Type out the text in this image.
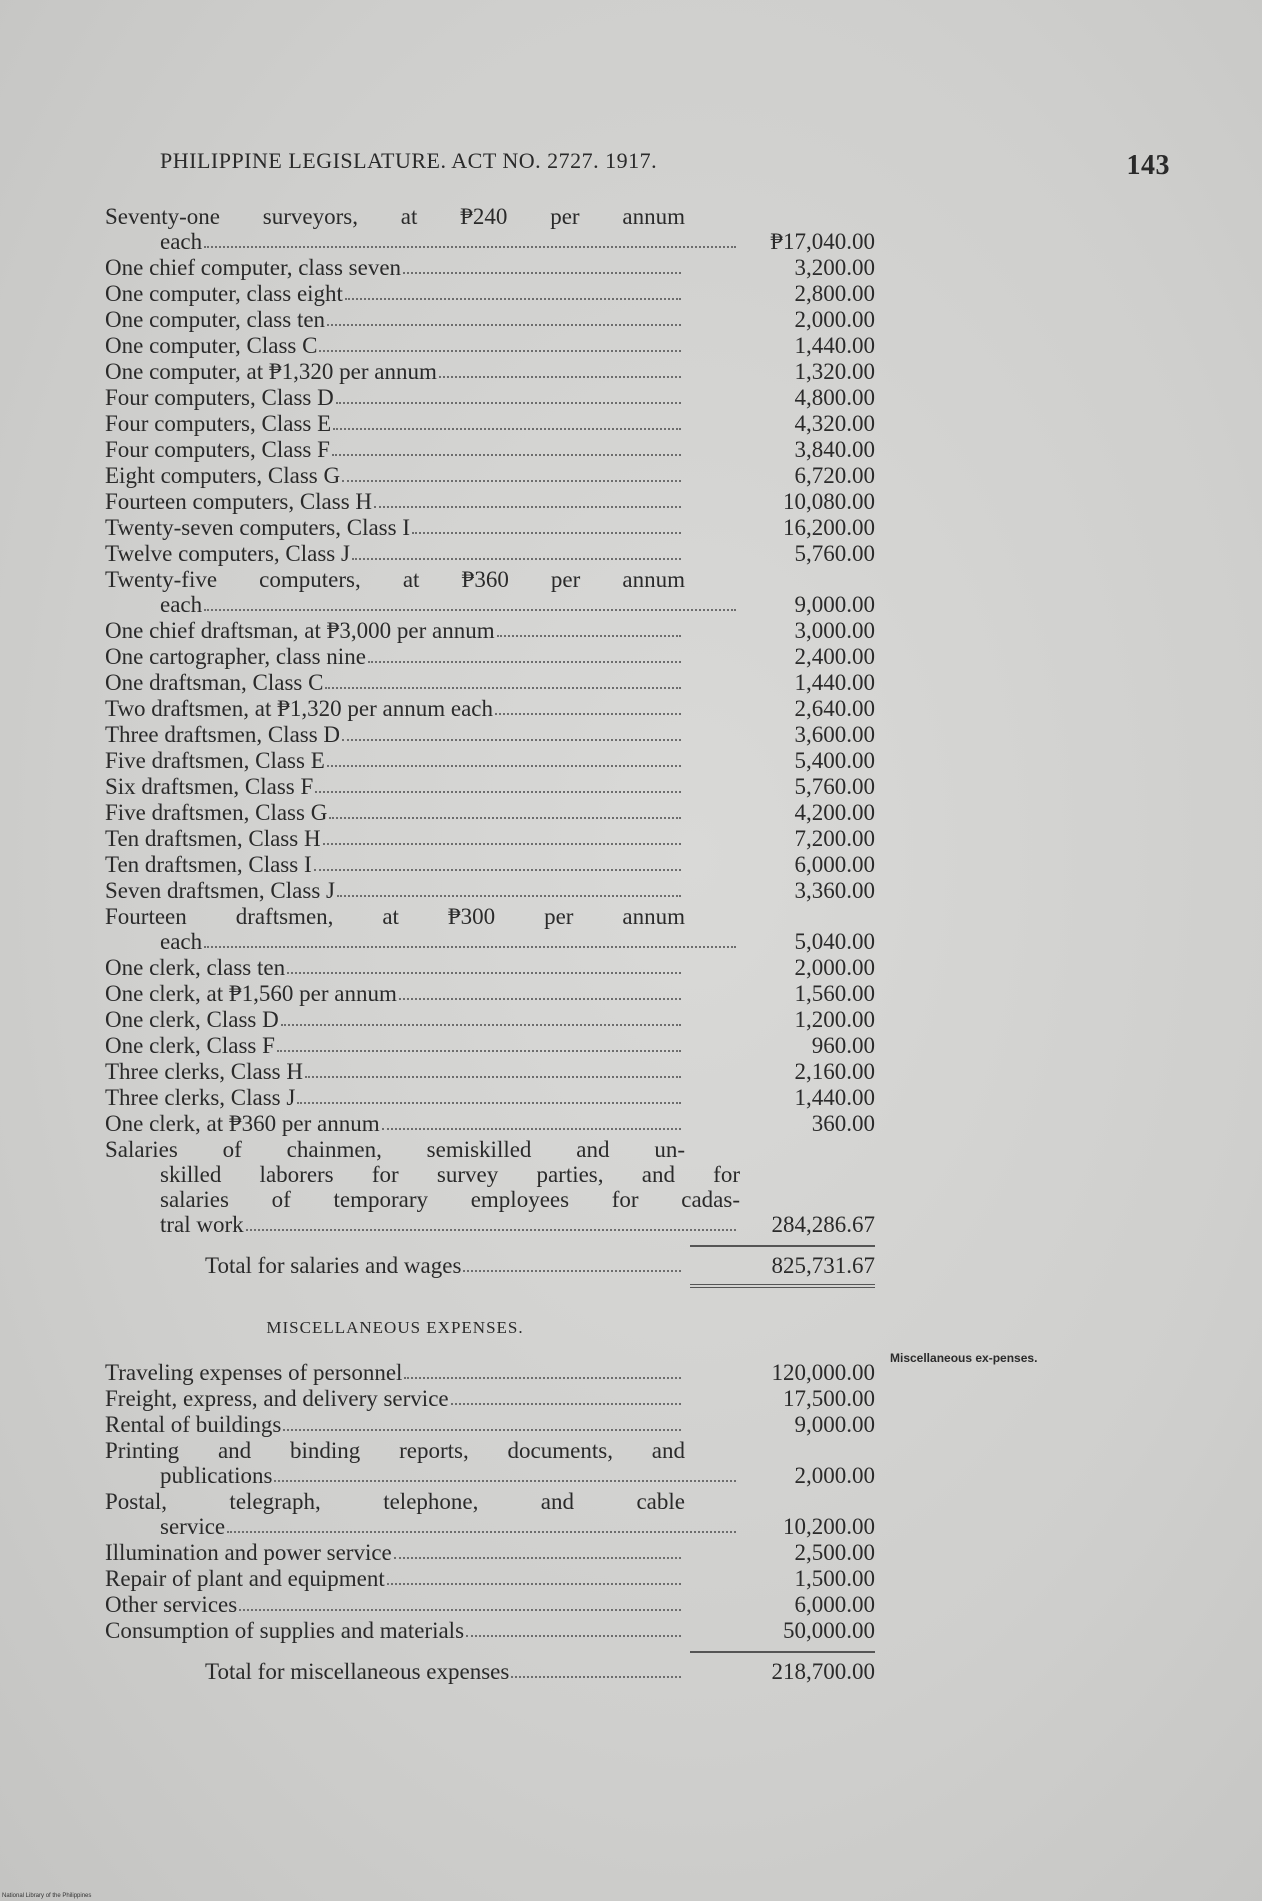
PHILIPPINE LEGISLATURE. ACT NO. 2727. 1917.	143
Seventy-one surveyors, at ₱240 per annum
each	₱17,040.00
One chief computer, class seven	3,200.00
One computer, class eight	2,800.00
One computer, class ten	2,000.00
One computer, Class C	1,440.00
One computer, at ₱1,320 per annum	1,320.00
Four computers, Class D	4,800.00
Four computers, Class E	4,320.00
Four computers, Class F	3,840.00
Eight computers, Class G	6,720.00
Fourteen computers, Class H	10,080.00
Twenty-seven computers, Class I	16,200.00
Twelve computers, Class J	5,760.00
Twenty-five computers, at ₱360 per annum
each	9,000.00
One chief draftsman, at ₱3,000 per annum	3,000.00
One cartographer, class nine	2,400.00
One draftsman, Class C	1,440.00
Two draftsmen, at ₱1,320 per annum each	2,640.00
Three draftsmen, Class D	3,600.00
Five draftsmen, Class E	5,400.00
Six draftsmen, Class F	5,760.00
Five draftsmen, Class G	4,200.00
Ten draftsmen, Class H	7,200.00
Ten draftsmen, Class I	6,000.00
Seven draftsmen, Class J	3,360.00
Fourteen draftsmen, at ₱300 per annum
each	5,040.00
One clerk, class ten	2,000.00
One clerk, at ₱1,560 per annum	1,560.00
One clerk, Class D	1,200.00
One clerk, Class F	960.00
Three clerks, Class H	2,160.00
Three clerks, Class J	1,440.00
One clerk, at ₱360 per annum	360.00
Salaries of chainmen, semiskilled and un-
skilled laborers for survey parties, and for
salaries of temporary employees for cadas-
tral work	284,286.67
Total for salaries and wages	825,731.67
MISCELLANEOUS EXPENSES.
Traveling expenses of personnel	120,000.00
Freight, express, and delivery service	17,500.00
Rental of buildings	9,000.00
Printing and binding reports, documents, and
publications	2,000.00
Postal, telegraph, telephone, and cable
service	10,200.00
Illumination and power service	2,500.00
Repair of plant and equipment	1,500.00
Other services	6,000.00
Consumption of supplies and materials	50,000.00
Total for miscellaneous expenses	218,700.00
Miscellaneous ex-penses.
National Library of the Philippines
